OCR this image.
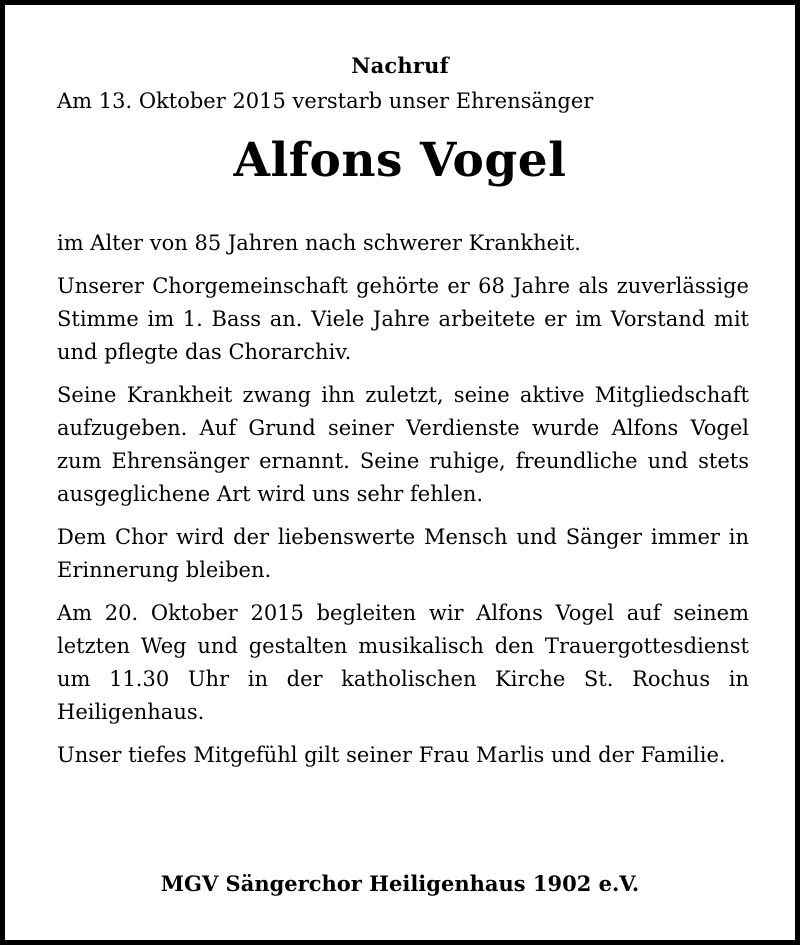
Nachruf
Am 13. Oktober 2015 verstarb unser Ehrensänger
Alfons Vogel

im Alter von 85 Jahren nach schwerer Krankheit.

Unserer Chorgemeinschaft gehörte er 68 Jahre als zuverlässige Stimme im 1. Bass an. Viele Jahre arbeitete er im Vorstand mit und pflegte das Chorarchiv.

Seine Krankheit zwang ihn zuletzt, seine aktive Mitgliedschaft aufzugeben. Auf Grund seiner Verdienste wurde Alfons Vogel zum Ehrensänger ernannt. Seine ruhige, freundliche und stets ausgeglichene Art wird uns sehr fehlen.

Dem Chor wird der liebenswerte Mensch und Sänger immer in Erinnerung bleiben.

Am 20. Oktober 2015 begleiten wir Alfons Vogel auf seinem letzten Weg und gestalten musikalisch den Trauergottesdienst um 11.30 Uhr in der katholischen Kirche St. Rochus in Heiligenhaus.

Unser tiefes Mitgefühl gilt seiner Frau Marlis und der Familie.

MGV Sängerchor Heiligenhaus 1902 e.V.
